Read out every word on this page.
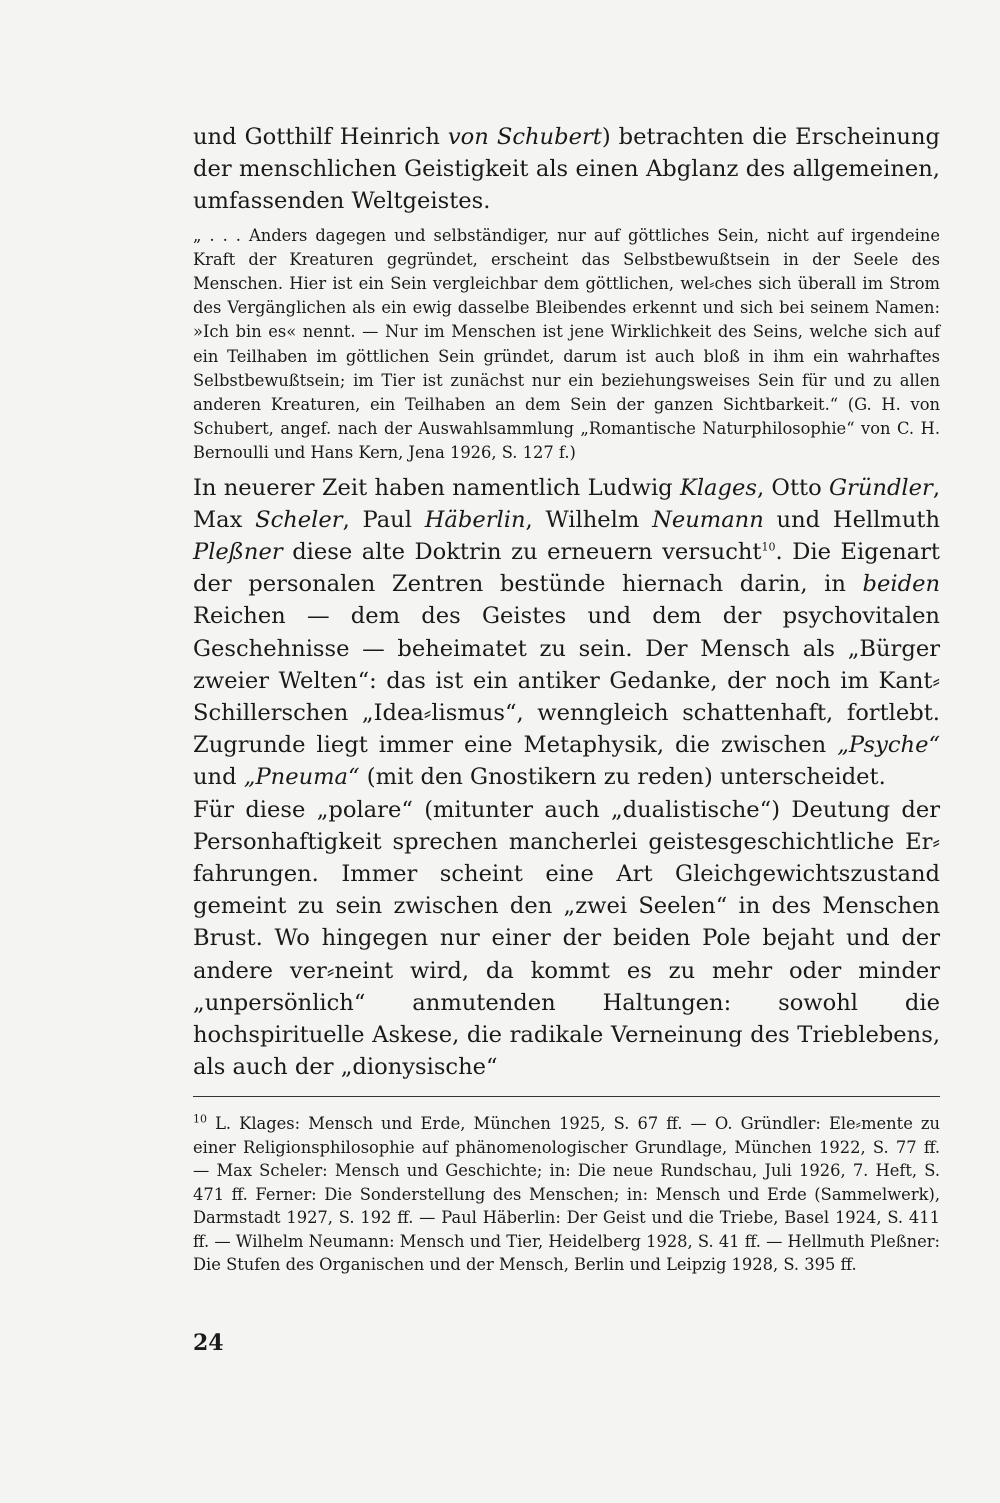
und Gotthilf Heinrich von Schubert) betrachten die Erscheinung der menschlichen Geistigkeit als einen Abglanz des allgemeinen, umfassenden Weltgeistes.

„ . . . Anders dagegen und selbständiger, nur auf göttliches Sein, nicht auf irgendeine Kraft der Kreaturen gegründet, erscheint das Selbstbewußtsein in der Seele des Menschen. Hier ist ein Sein vergleichbar dem göttlichen, wel⸗ches sich überall im Strom des Vergänglichen als ein ewig dasselbe Bleibendes erkennt und sich bei seinem Namen: »Ich bin es« nennt. — Nur im Menschen ist jene Wirklichkeit des Seins, welche sich auf ein Teilhaben im göttlichen Sein gründet, darum ist auch bloß in ihm ein wahrhaftes Selbstbewußtsein; im Tier ist zunächst nur ein beziehungsweises Sein für und zu allen anderen Kreaturen, ein Teilhaben an dem Sein der ganzen Sichtbarkeit.“ (G. H. von Schubert, angef. nach der Auswahlsammlung „Romantische Naturphilosophie“ von C. H. Bernoulli und Hans Kern, Jena 1926, S. 127 f.)

In neuerer Zeit haben namentlich Ludwig Klages, Otto Gründler, Max Scheler, Paul Häberlin, Wilhelm Neumann und Hellmuth Pleßner diese alte Doktrin zu erneuern versucht$^{10}$. Die Eigenart der personalen Zentren bestünde hiernach darin, in beiden Reichen — dem des Geistes und dem der psychovitalen Geschehnisse — beheimatet zu sein. Der Mensch als „Bürger zweier Welten“: das ist ein antiker Gedanke, der noch im Kant⸗Schillerschen „Idea⸗lismus“, wenngleich schattenhaft, fortlebt. Zugrunde liegt immer eine Metaphysik, die zwischen „Psyche“ und „Pneuma“ (mit den Gnostikern zu reden) unterscheidet.

Für diese „polare“ (mitunter auch „dualistische“) Deutung der Personhaftigkeit sprechen mancherlei geistesgeschichtliche Er⸗fahrungen. Immer scheint eine Art Gleichgewichtszustand gemeint zu sein zwischen den „zwei Seelen“ in des Menschen Brust. Wo hingegen nur einer der beiden Pole bejaht und der andere ver⸗neint wird, da kommt es zu mehr oder minder „unpersönlich“ anmutenden Haltungen: sowohl die hochspirituelle Askese, die radikale Verneinung des Trieblebens, als auch der „dionysische“

$^{10}$ L. Klages: Mensch und Erde, München 1925, S. 67 ff. — O. Gründler: Ele⸗mente zu einer Religionsphilosophie auf phänomenologischer Grundlage, München 1922, S. 77 ff. — Max Scheler: Mensch und Geschichte; in: Die neue Rundschau, Juli 1926, 7. Heft, S. 471 ff. Ferner: Die Sonderstellung des Menschen; in: Mensch und Erde (Sammelwerk), Darmstadt 1927, S. 192 ff. — Paul Häberlin: Der Geist und die Triebe, Basel 1924, S. 411 ff. — Wilhelm Neumann: Mensch und Tier, Heidelberg 1928, S. 41 ff. — Hellmuth Pleßner: Die Stufen des Organischen und der Mensch, Berlin und Leipzig 1928, S. 395 ff.

24
